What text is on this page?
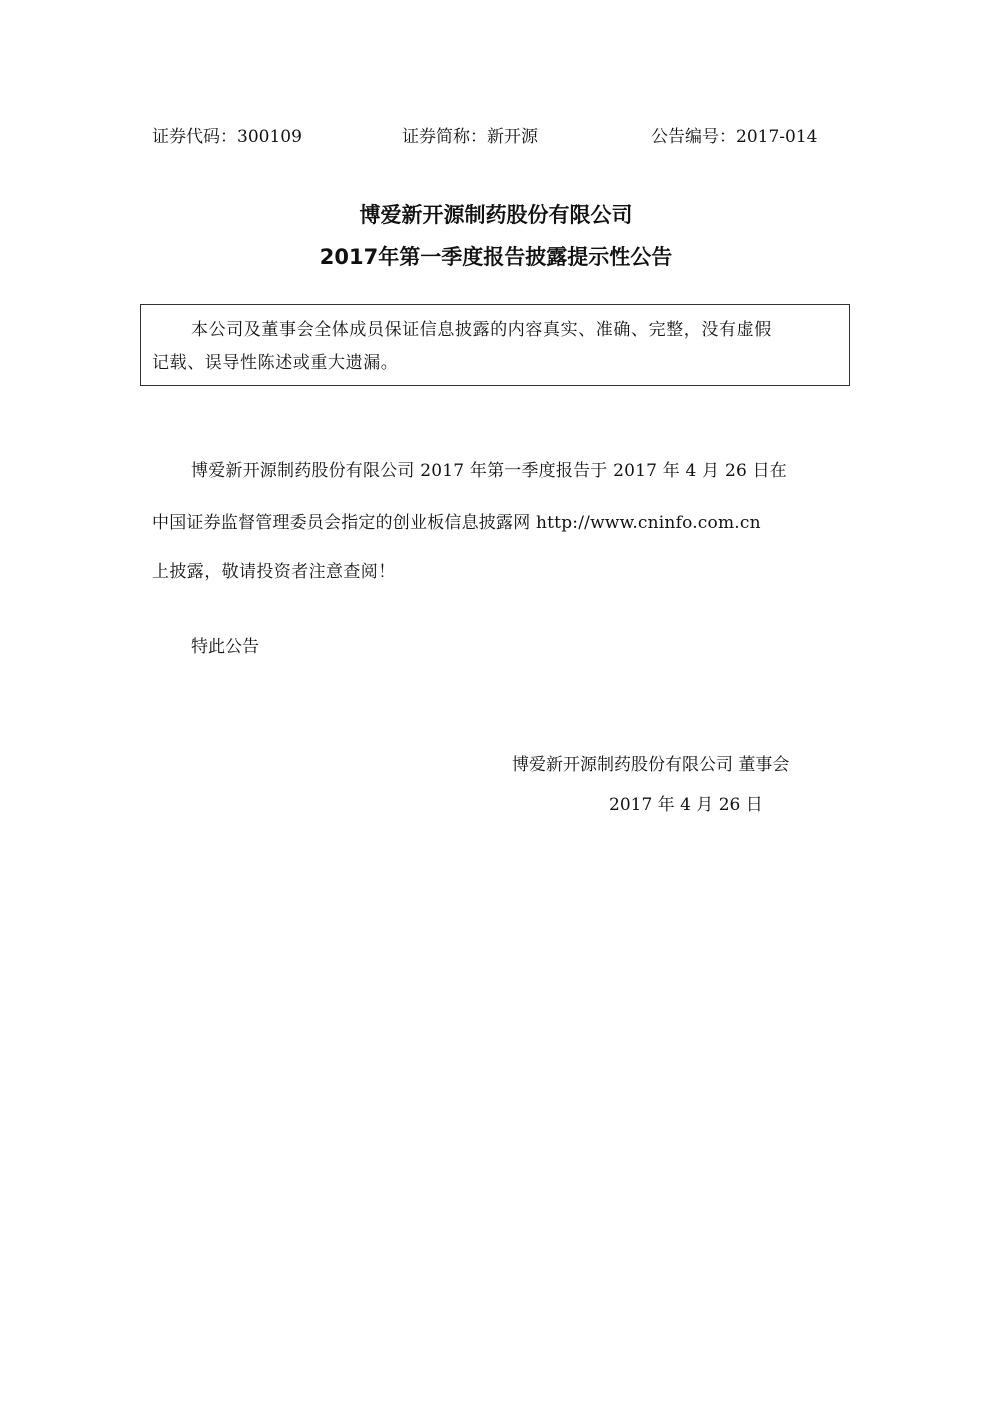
证券代码：300109	证券简称：新开源	公告编号：2017-014
博爱新开源制药股份有限公司
2017年第一季度报告披露提示性公告
本公司及董事会全体成员保证信息披露的内容真实、准确、完整，没有虚假
记载、误导性陈述或重大遗漏。
博爱新开源制药股份有限公司 2017 年第一季度报告于 2017 年 4 月 26 日在
中国证券监督管理委员会指定的创业板信息披露网 http://www.cninfo.com.cn
上披露，敬请投资者注意查阅！
特此公告
博爱新开源制药股份有限公司 董事会
2017 年 4 月 26 日
